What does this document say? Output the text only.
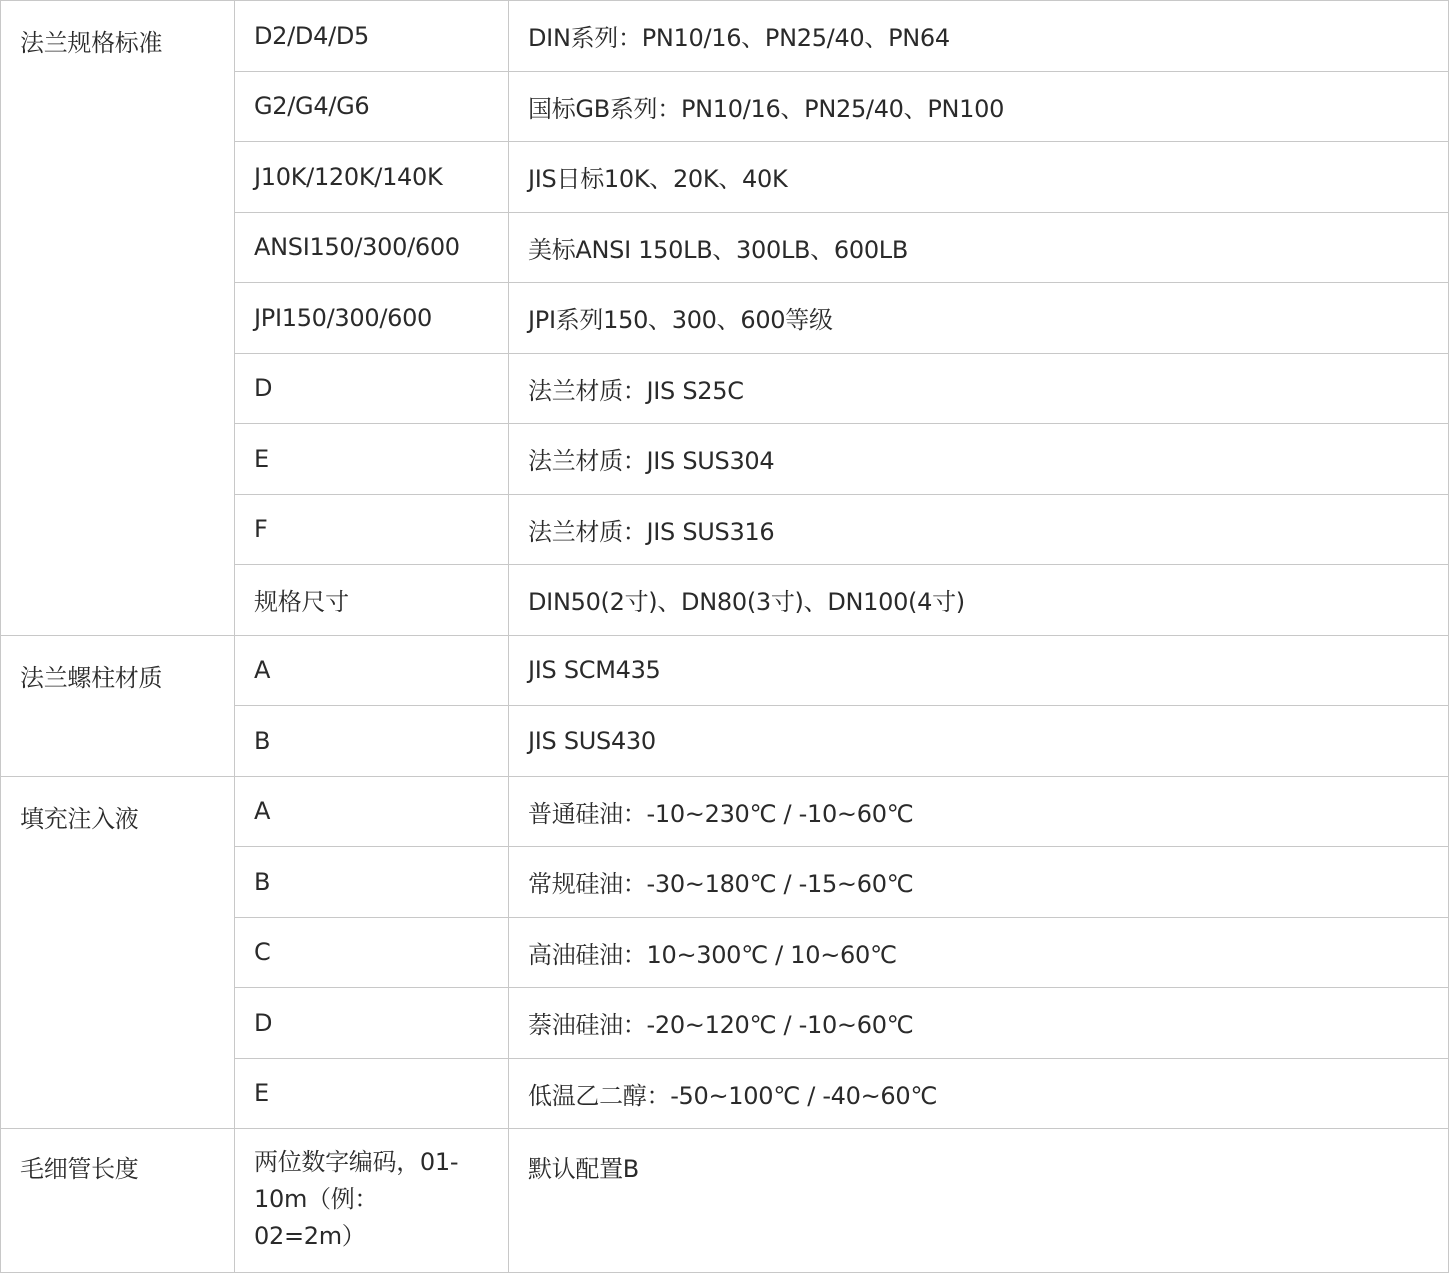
法兰规格标准	D2/D4/D5	DIN系列：PN10/16、PN25/40、PN64
	G2/G4/G6	国标GB系列：PN10/16、PN25/40、PN100
	J10K/120K/140K	JIS日标10K、20K、40K
	ANSI150/300/600	美标ANSI 150LB、300LB、600LB
	JPI150/300/600	JPI系列150、300、600等级
	D	法兰材质：JIS S25C
	E	法兰材质：JIS SUS304
	F	法兰材质：JIS SUS316
	规格尺寸	DIN50(2寸)、DN80(3寸)、DN100(4寸)
法兰螺柱材质	A	JIS SCM435
	B	JIS SUS430
填充注入液	A	普通硅油：-10~230℃ / -10~60℃
	B	常规硅油：-30~180℃ / -15~60℃
	C	高油硅油：10~300℃ / 10~60℃
	D	萘油硅油：-20~120℃ / -10~60℃
	E	低温乙二醇：-50~100℃ / -40~60℃
毛细管长度	两位数字编码，01-10m（例：02=2m）	默认配置B
